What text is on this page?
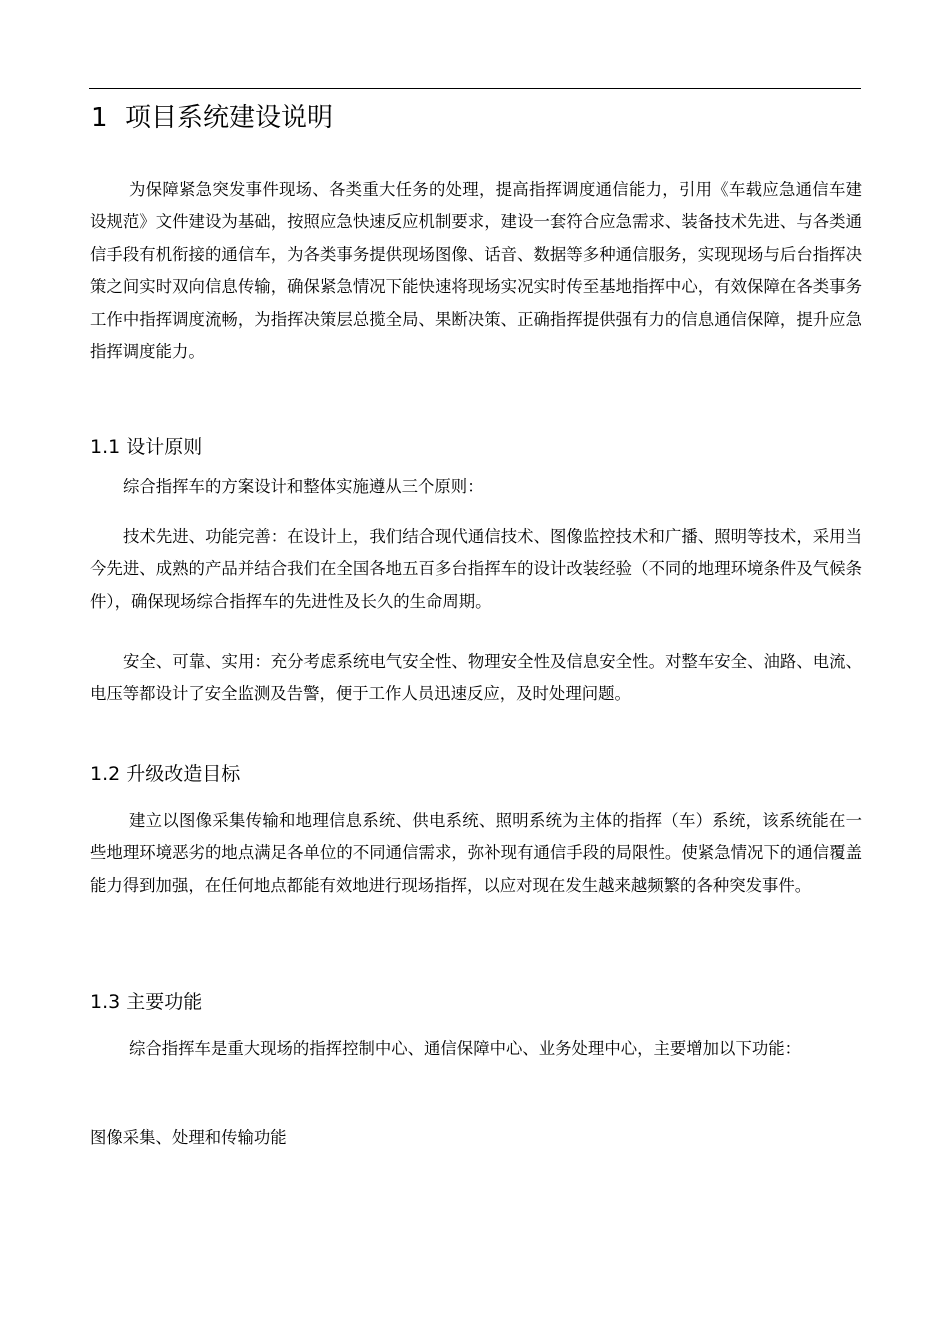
1 项目系统建设说明
为保障紧急突发事件现场、各类重大任务的处理，提高指挥调度通信能力，引用《车载应急通信车建设规范》文件建设为基础，按照应急快速反应机制要求，建设一套符合应急需求、装备技术先进、与各类通信手段有机衔接的通信车，为各类事务提供现场图像、话音、数据等多种通信服务，实现现场与后台指挥决策之间实时双向信息传输，确保紧急情况下能快速将现场实况实时传至基地指挥中心，有效保障在各类事务工作中指挥调度流畅，为指挥决策层总揽全局、果断决策、正确指挥提供强有力的信息通信保障，提升应急指挥调度能力。
1.1 设计原则
综合指挥车的方案设计和整体实施遵从三个原则：
技术先进、功能完善：在设计上，我们结合现代通信技术、图像监控技术和广播、照明等技术，采用当今先进、成熟的产品并结合我们在全国各地五百多台指挥车的设计改装经验（不同的地理环境条件及气候条件），确保现场综合指挥车的先进性及长久的生命周期。
安全、可靠、实用：充分考虑系统电气安全性、物理安全性及信息安全性。对整车安全、油路、电流、电压等都设计了安全监测及告警，便于工作人员迅速反应，及时处理问题。
1.2 升级改造目标
建立以图像采集传输和地理信息系统、供电系统、照明系统为主体的指挥（车）系统，该系统能在一些地理环境恶劣的地点满足各单位的不同通信需求，弥补现有通信手段的局限性。使紧急情况下的通信覆盖能力得到加强，在任何地点都能有效地进行现场指挥，以应对现在发生越来越频繁的各种突发事件。
1.3 主要功能
综合指挥车是重大现场的指挥控制中心、通信保障中心、业务处理中心，主要增加以下功能：
图像采集、处理和传输功能
